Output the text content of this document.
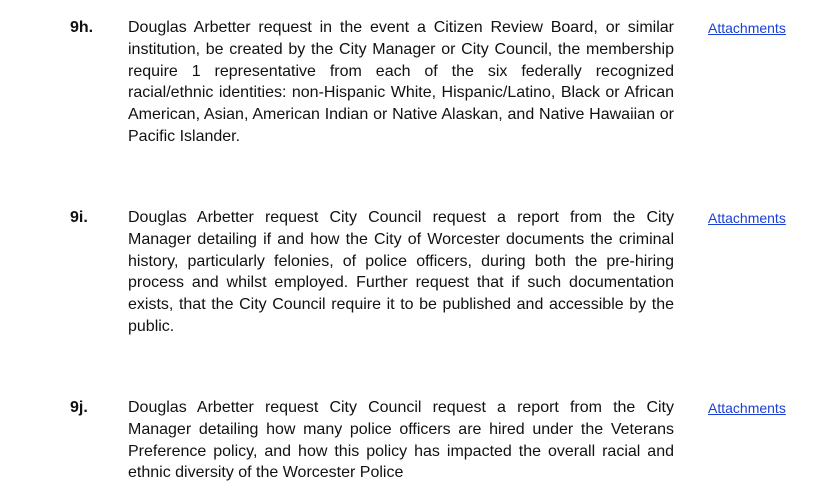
9h. Douglas Arbetter request in the event a Citizen Review Board, or similar institution, be created by the City Manager or City Council, the membership require 1 representative from each of the six federally recognized racial/ethnic identities: non-Hispanic White, Hispanic/Latino, Black or African American, Asian, American Indian or Native Alaskan, and Native Hawaiian or Pacific Islander.

Attachments
9i.	Douglas Arbetter request City Council request a report from the City Manager detailing if and how the City of Worcester documents the criminal history, particularly felonies, of police officers, during both the pre-hiring process and whilst employed. Further request that if such documentation exists, that the City Council require it to be published and accessible by the public.

Attachments
9j.	Douglas Arbetter request City Council request a report from the City Manager detailing how many police officers are hired under the Veterans Preference policy, and how this policy has impacted the overall racial and ethnic diversity of the Worcester Police

Attachments
